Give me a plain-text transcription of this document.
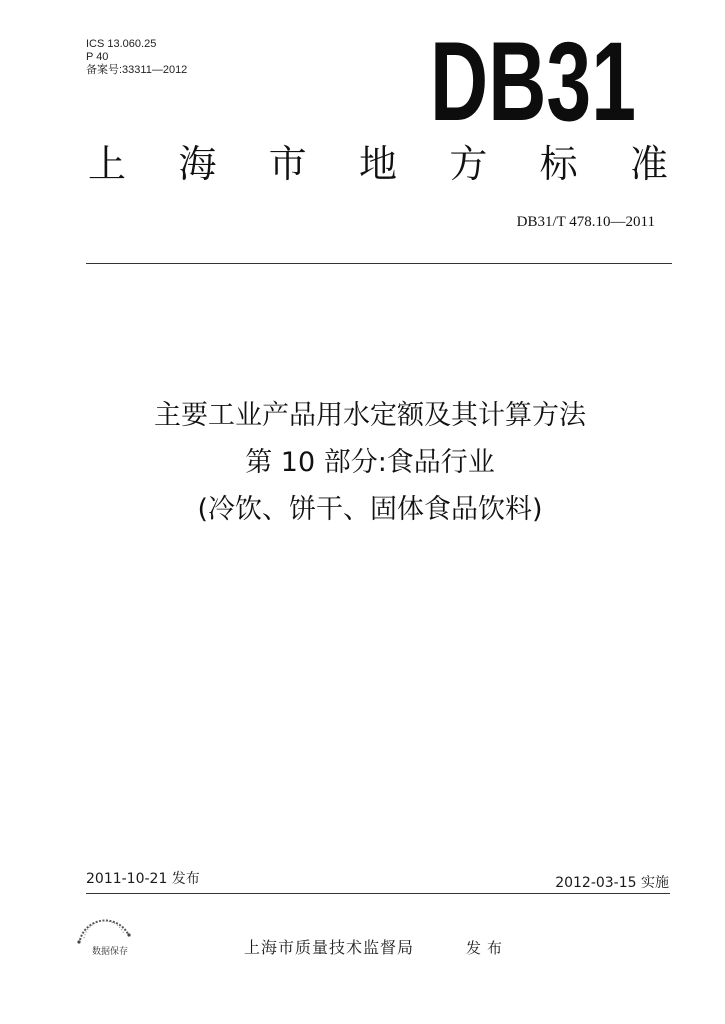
ICS 13.060.25
P 40
备案号:33311—2012 DB31
上 海 市 地 方 标 准
DB31/T 478.10—2011
主要工业产品用水定额及其计算方法
第 10 部分:食品行业
(冷饮、饼干、固体食品饮料)
2011-10-21 发布	2012-03-15 实施
数据保存	上海市质量技术监督局	发布
